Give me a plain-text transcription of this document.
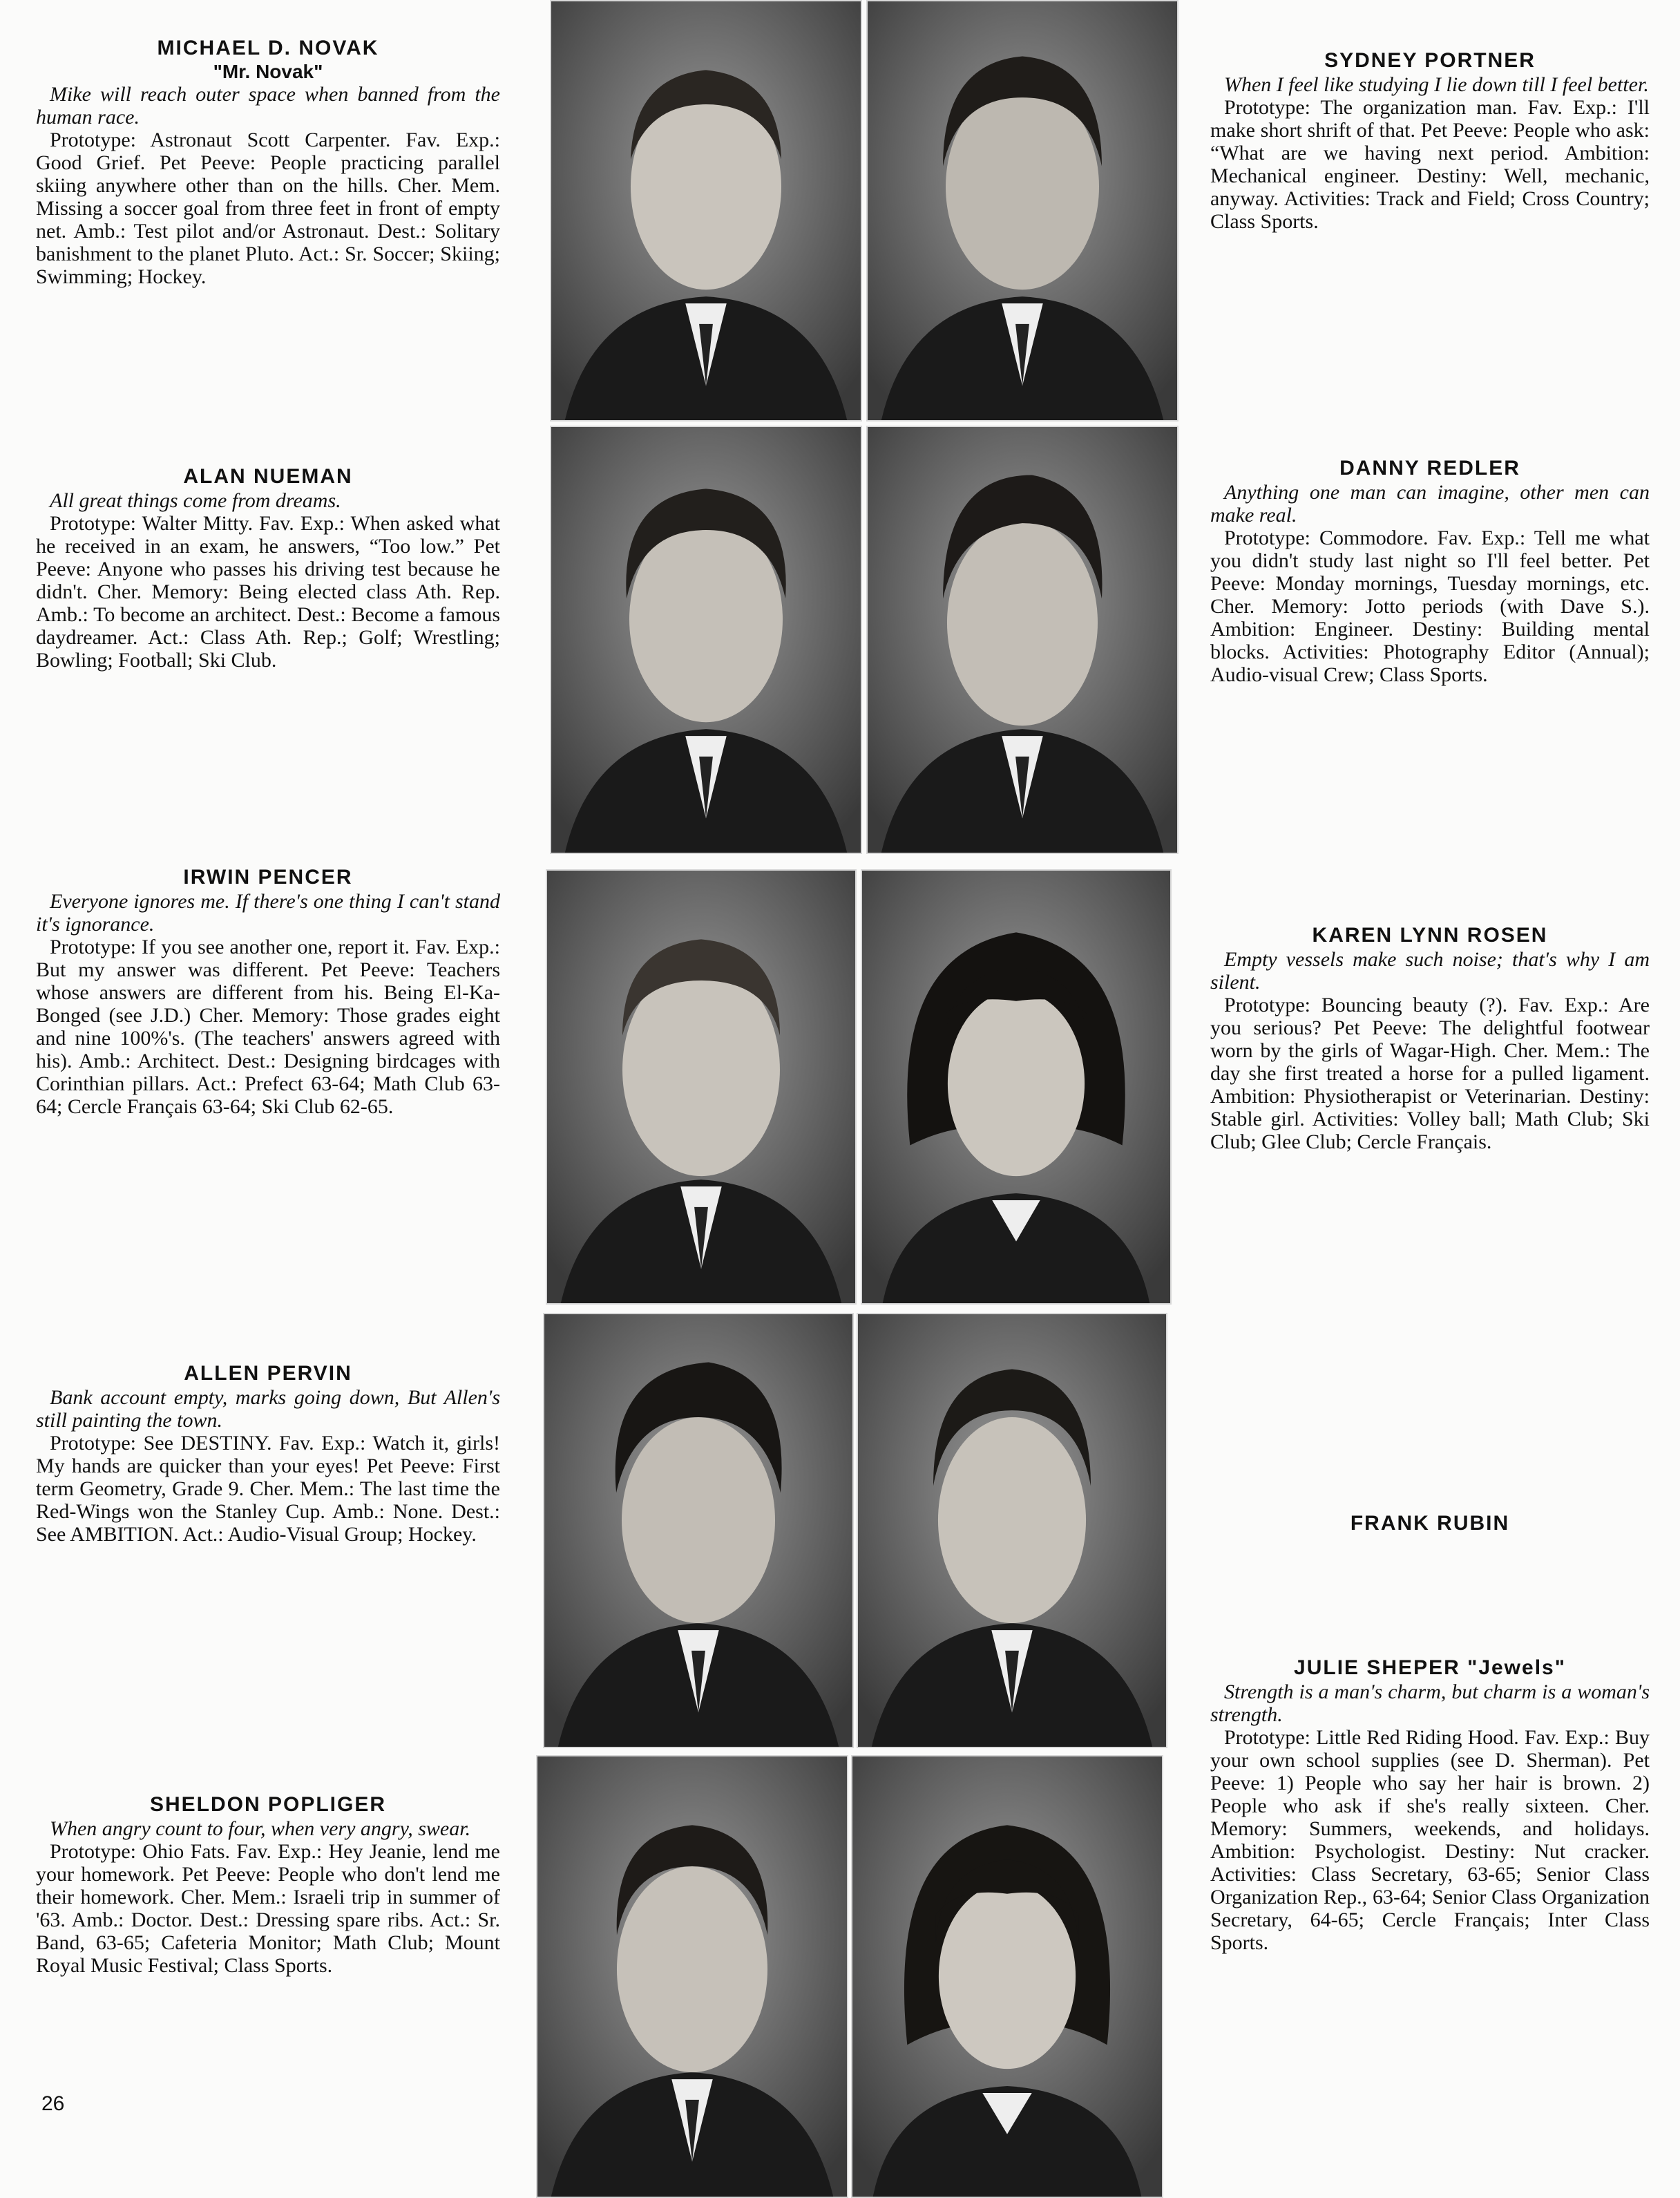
MICHAEL D. NOVAK
"Mr. Novak"
Mike will reach outer space when banned from the human race.
Prototype: Astronaut Scott Carpenter. Fav. Exp.: Good Grief. Pet Peeve: People practicing parallel skiing anywhere other than on the hills. Cher. Mem. Missing a soccer goal from three feet in front of empty net. Amb.: Test pilot and/or Astronaut. Dest.: Solitary banishment to the planet Pluto. Act.: Sr. Soccer; Skiing; Swimming; Hockey.
ALAN NUEMAN
All great things come from dreams.
Prototype: Walter Mitty. Fav. Exp.: When asked what he received in an exam, he answers, “Too low.” Pet Peeve: Anyone who passes his driving test because he didn't. Cher. Memory: Being elected class Ath. Rep. Amb.: To become an architect. Dest.: Become a famous daydreamer. Act.: Class Ath. Rep.; Golf; Wrestling; Bowling; Football; Ski Club.
IRWIN PENCER
Everyone ignores me. If there's one thing I can't stand it's ignorance.
Prototype: If you see another one, report it. Fav. Exp.: But my answer was different. Pet Peeve: Teachers whose answers are different from his. Being El-Ka-Bonged (see J.D.) Cher. Memory: Those grades eight and nine 100%'s. (The teachers' answers agreed with his). Amb.: Architect. Dest.: Designing birdcages with Corinthian pillars. Act.: Prefect 63-64; Math Club 63-64; Cercle Français 63-64; Ski Club 62-65.
ALLEN PERVIN
Bank account empty, marks going down, But Allen's still painting the town.
Prototype: See DESTINY. Fav. Exp.: Watch it, girls! My hands are quicker than your eyes! Pet Peeve: First term Geometry, Grade 9. Cher. Mem.: The last time the Red-Wings won the Stanley Cup. Amb.: None. Dest.: See AMBITION. Act.: Audio-Visual Group; Hockey.
SHELDON POPLIGER
When angry count to four, when very angry, swear.
Prototype: Ohio Fats. Fav. Exp.: Hey Jeanie, lend me your homework. Pet Peeve: People who don't lend me their homework. Cher. Mem.: Israeli trip in summer of '63. Amb.: Doctor. Dest.: Dressing spare ribs. Act.: Sr. Band, 63-65; Cafeteria Monitor; Math Club; Mount Royal Music Festival; Class Sports.
26
SYDNEY PORTNER
When I feel like studying I lie down till I feel better.
Prototype: The organization man. Fav. Exp.: I'll make short shrift of that. Pet Peeve: People who ask: “What are we having next period. Ambition: Mechanical engineer. Destiny: Well, mechanic, anyway. Activities: Track and Field; Cross Country; Class Sports.
DANNY REDLER
Anything one man can imagine, other men can make real.
Prototype: Commodore. Fav. Exp.: Tell me what you didn't study last night so I'll feel better. Pet Peeve: Monday mornings, Tuesday mornings, etc. Cher. Memory: Jotto periods (with Dave S.). Ambition: Engineer. Destiny: Building mental blocks. Activities: Photography Editor (Annual); Audio-visual Crew; Class Sports.
KAREN LYNN ROSEN
Empty vessels make such noise; that's why I am silent.
Prototype: Bouncing beauty (?). Fav. Exp.: Are you serious? Pet Peeve: The delightful footwear worn by the girls of Wagar-High. Cher. Mem.: The day she first treated a horse for a pulled ligament. Ambition: Physiotherapist or Veterinarian. Destiny: Stable girl. Activities: Volley ball; Math Club; Ski Club; Glee Club; Cercle Français.
FRANK RUBIN
JULIE SHEPER "Jewels"
Strength is a man's charm, but charm is a woman's strength.
Prototype: Little Red Riding Hood. Fav. Exp.: Buy your own school supplies (see D. Sherman). Pet Peeve: 1) People who say her hair is brown. 2) People who ask if she's really sixteen. Cher. Memory: Summers, weekends, and holidays. Ambition: Psychologist. Destiny: Nut cracker. Activities: Class Secretary, 63-65; Senior Class Organization Rep., 63-64; Senior Class Organization Secretary, 64-65; Cercle Français; Inter Class Sports.
